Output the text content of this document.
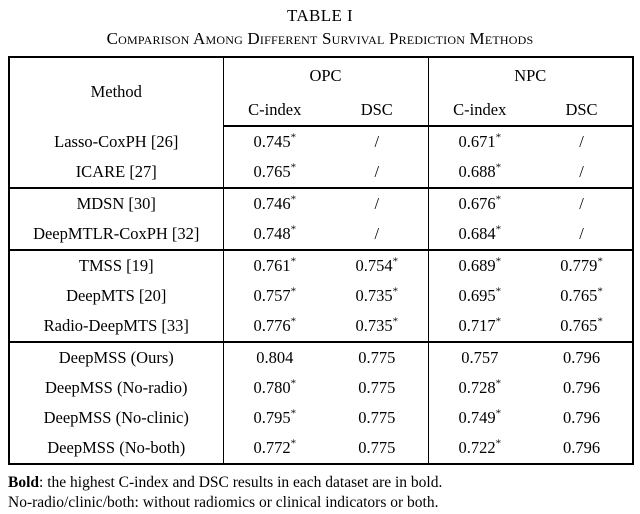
TABLE I
Comparison Among Different Survival Prediction Methods
Method	OPC		NPC	
	C-index	DSC	C-index	DSC
Lasso-CoxPH [26]	0.745*	/	0.671*	/
ICARE [27]	0.765*	/	0.688*	/
MDSN [30]	0.746*	/	0.676*	/
DeepMTLR-CoxPH [32]	0.748*	/	0.684*	/
TMSS [19]	0.761*	0.754*	0.689*	0.779*
DeepMTS [20]	0.757*	0.735*	0.695*	0.765*
Radio-DeepMTS [33]	0.776*	0.735*	0.717*	0.765*
DeepMSS (Ours)	0.804	0.775	0.757	0.796
DeepMSS (No-radio)	0.780*	0.775	0.728*	0.796
DeepMSS (No-clinic)	0.795*	0.775	0.749*	0.796
DeepMSS (No-both)	0.772*	0.775	0.722*	0.796
Bold: the highest C-index and DSC results in each dataset are in bold.
No-radio/clinic/both: without radiomics or clinical indicators or both.
